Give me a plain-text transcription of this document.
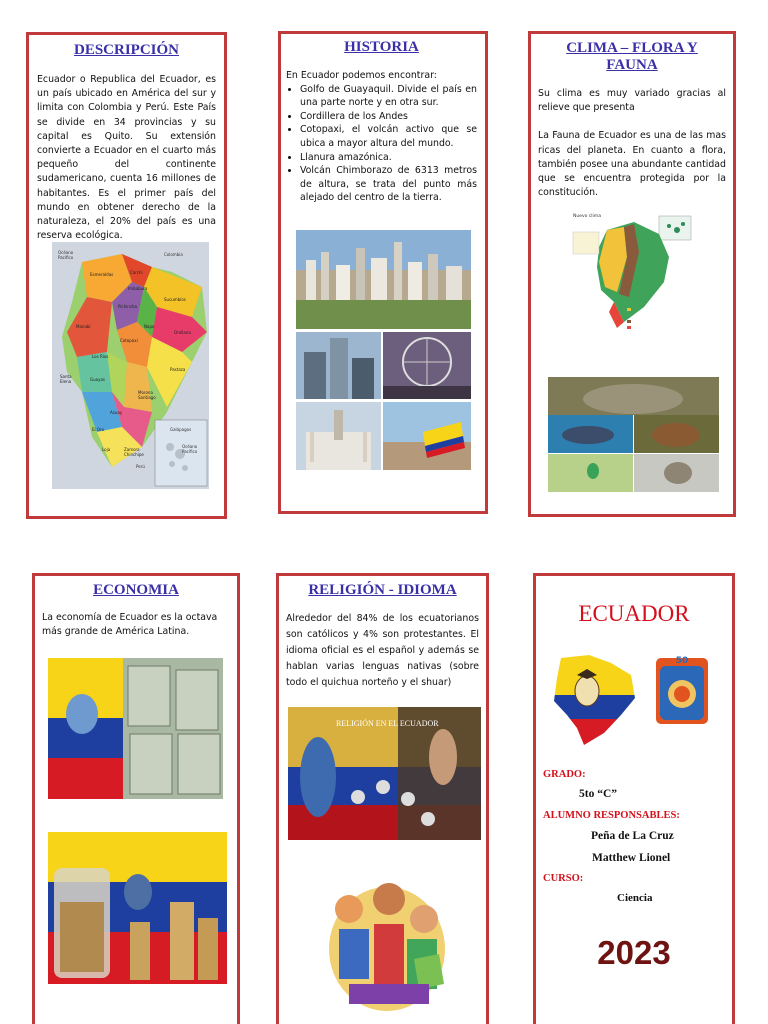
DESCRIPCIÓN

Ecuador o Republica del Ecuador, es un país ubicado en América del sur y limita con Colombia y Perú. Este País se divide en 34 provincias y su capital es Quito. Su extensión convierte a Ecuador en el cuarto más pequeño del continente sudamericano, cuenta 16 millones de habitantes. Es el primer país del mundo en obtener derecho de la naturaleza, el 20% del país es una reserva ecológica.

Océano Pacífico
Colombia
Esmeraldas	Carchi
Imbabura
Pichincha
Sucumbíos
Manabí	Napo
Orellana
Cotopaxi
Los Ríos
Pastaza
Guayas
Santa Elena
Azuay
El Oro
Loja	Zamora Chinchipe
Morona Santiago
Perú
Galápagos
Océano Pacífico

HISTORIA

En Ecuador podemos encontrar:

• Golfo de Guayaquil. Divide el país en una parte norte y en otra sur.
• Cordillera de los Andes
• Cotopaxi, el volcán activo que se ubica a mayor altura del mundo.
• Llanura amazónica.
• Volcán Chimborazo de 6313 metros de altura, se trata del punto más alejado del centro de la tierra.

CLIMA – FLORA Y FAUNA

Su clima es muy variado gracias al relieve que presenta

La Fauna de Ecuador es una de las mas ricas del planeta. En cuanto a flora, también posee una abundante cantidad que se encuentra protegida por la constitución.

Nuevo clima

ECONOMIA

La economía de Ecuador es la octava más grande de América Latina.

RELIGIÓN - IDIOMA

Alrededor del 84% de los ecuatorianos son católicos y 4% son protestantes. El idioma oficial es el español y además se hablan varias lenguas nativas (sobre todo el quichua norteño y el shuar)

RELIGIÓN EN EL ECUADOR
ECUADOR
50
GRADO:
5to “C”
ALUMNO RESPONSABLES:
Peña de La Cruz
Matthew Lionel
CURSO:
Ciencia
2023
